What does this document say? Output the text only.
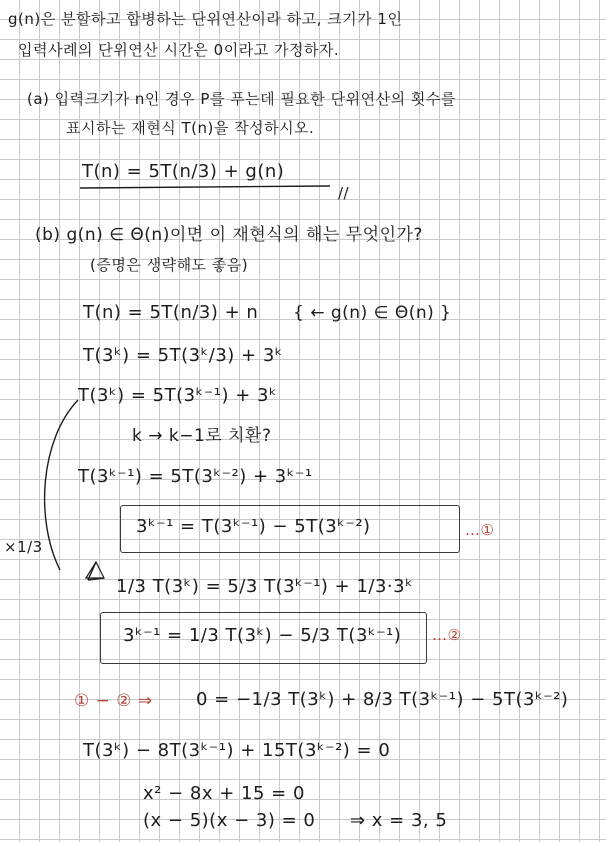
g(n)은 분할하고 합병하는 단위연산이라 하고, 크기가 1인
입력사례의 단위연산 시간은 0이라고 가정하자.
(a) 입력크기가 n인 경우 P를 푸는데 필요한 단위연산의 횟수를
표시하는 재현식 T(n)을 작성하시오.
T(n) = 5T(n/3) + g(n)
//
(b) g(n) ∈ Θ(n)이면 이 재현식의 해는 무엇인가?
(증명은 생략해도 좋음)
T(n) = 5T(n/3) + n { ← g(n) ∈ Θ(n) }
T(3ᵏ) = 5T(3ᵏ/3) + 3ᵏ
T(3ᵏ) = 5T(3ᵏ⁻¹) + 3ᵏ
k → k−1로 치환?
T(3ᵏ⁻¹) = 5T(3ᵏ⁻²) + 3ᵏ⁻¹
3ᵏ⁻¹ = T(3ᵏ⁻¹) − 5T(3ᵏ⁻²)	…①
×1/3
1/3 T(3ᵏ) = 5/3 T(3ᵏ⁻¹) + 1/3·3ᵏ
3ᵏ⁻¹ = 1/3 T(3ᵏ) − 5/3 T(3ᵏ⁻¹) …②
① − ② ⇒ 0 = −1/3 T(3ᵏ) + 8/3 T(3ᵏ⁻¹) − 5T(3ᵏ⁻²)
T(3ᵏ) − 8T(3ᵏ⁻¹) + 15T(3ᵏ⁻²) = 0
x² − 8x + 15 = 0
(x − 5)(x − 3) = 0 ⇒ x = 3, 5
